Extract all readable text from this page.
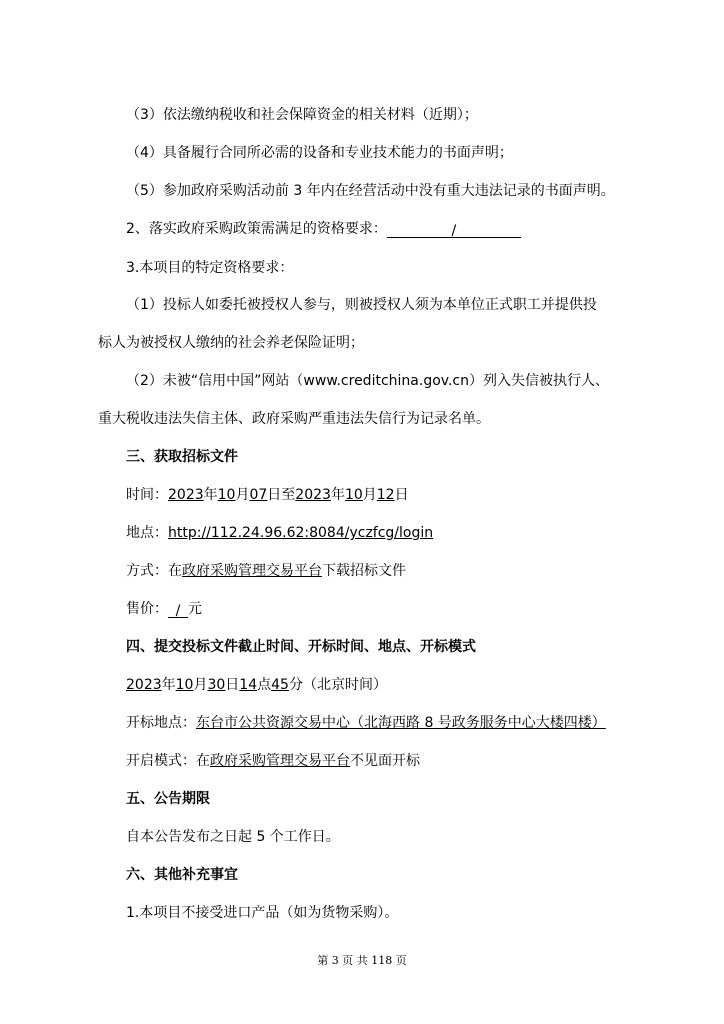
（3）依法缴纳税收和社会保障资金的相关材料（近期）；
（4）具备履行合同所必需的设备和专业技术能力的书面声明；
（5）参加政府采购活动前 3 年内在经营活动中没有重大违法记录的书面声明。
2、落实政府采购政策需满足的资格要求：	/
3.本项目的特定资格要求：
（1）投标人如委托被授权人参与，则被授权人须为本单位正式职工并提供投
标人为被授权人缴纳的社会养老保险证明；
（2）未被“信用中国”网站（www.creditchina.gov.cn）列入失信被执行人、
重大税收违法失信主体、政府采购严重违法失信行为记录名单。
三、获取招标文件
时间：2023年10月07日至2023年10月12日
地点：http://112.24.96.62:8084/yczfcg/login
方式：在政府采购管理交易平台下载招标文件
售价： / 元
四、提交投标文件截止时间、开标时间、地点、开标模式
2023年10月30日14点45分（北京时间）
开标地点：东台市公共资源交易中心（北海西路 8 号政务服务中心大楼四楼）
开启模式：在政府采购管理交易平台不见面开标
五、公告期限
自本公告发布之日起 5 个工作日。
六、其他补充事宜
1.本项目不接受进口产品（如为货物采购）。
第 3 页 共 118 页
